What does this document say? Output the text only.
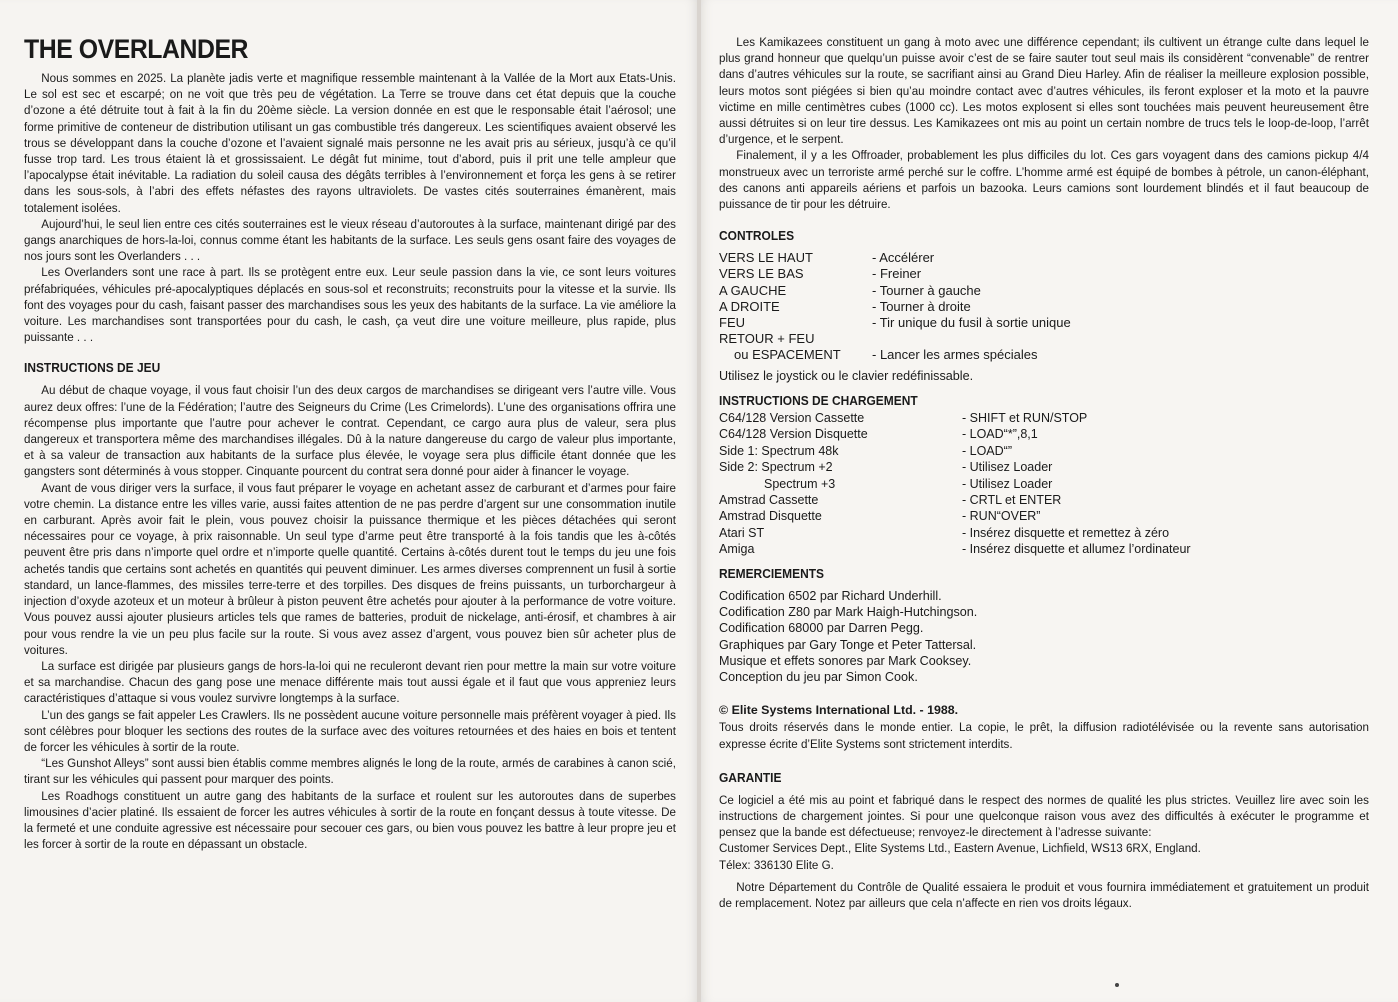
THE OVERLANDER

Nous sommes en 2025. La planète jadis verte et magnifique ressemble maintenant à la Vallée de la Mort aux Etats-Unis. Le sol est sec et escarpé; on ne voit que très peu de végétation. La Terre se trouve dans cet état depuis que la couche d’ozone a été détruite tout à fait à la fin du 20ème siècle. La version donnée en est que le responsable était l’aérosol; une forme primitive de conteneur de distribution utilisant un gas combustible trés dangereux. Les scientifiques avaient observé les trous se développant dans la couche d’ozone et l’avaient signalé mais personne ne les avait pris au sérieux, jusqu’à ce qu’il fusse trop tard. Les trous étaient là et grossissaient. Le dégât fut minime, tout d’abord, puis il prit une telle ampleur que l’apocalypse était inévitable. La radiation du soleil causa des dégâts terribles à l’environnement et força les gens à se retirer dans les sous-sols, à l’abri des effets néfastes des rayons ultraviolets. De vastes cités souterraines émanèrent, mais totalement isolées.

Aujourd’hui, le seul lien entre ces cités souterraines est le vieux réseau d’autoroutes à la surface, maintenant dirigé par des gangs anarchiques de hors-la-loi, connus comme étant les habitants de la surface. Les seuls gens osant faire des voyages de nos jours sont les Overlanders . . .

Les Overlanders sont une race à part. Ils se protègent entre eux. Leur seule passion dans la vie, ce sont leurs voitures préfabriquées, véhicules pré-apocalyptiques déplacés en sous-sol et reconstruits; reconstruits pour la vitesse et la survie. Ils font des voyages pour du cash, faisant passer des marchandises sous les yeux des habitants de la surface. La vie améliore la voiture. Les marchandises sont transportées pour du cash, le cash, ça veut dire une voiture meilleure, plus rapide, plus puissante . . .

INSTRUCTIONS DE JEU

Au début de chaque voyage, il vous faut choisir l’un des deux cargos de marchandises se dirigeant vers l’autre ville. Vous aurez deux offres: l’une de la Fédération; l’autre des Seigneurs du Crime (Les Crimelords). L’une des organisations offrira une récompense plus importante que l’autre pour achever le contrat. Cependant, ce cargo aura plus de valeur, sera plus dangereux et transportera même des marchandises illégales. Dû à la nature dangereuse du cargo de valeur plus importante, et à sa valeur de transaction aux habitants de la surface plus élevée, le voyage sera plus difficile étant donnée que les gangsters sont déterminés à vous stopper. Cinquante pourcent du contrat sera donné pour aider à financer le voyage.

Avant de vous diriger vers la surface, il vous faut préparer le voyage en achetant assez de carburant et d’armes pour faire votre chemin. La distance entre les villes varie, aussi faites attention de ne pas perdre d’argent sur une consommation inutile en carburant. Après avoir fait le plein, vous pouvez choisir la puissance thermique et les pièces détachées qui seront nécessaires pour ce voyage, à prix raisonnable. Un seul type d’arme peut être transporté à la fois tandis que les à-côtés peuvent être pris dans n’importe quel ordre et n’importe quelle quantité. Certains à-côtés durent tout le temps du jeu une fois achetés tandis que certains sont achetés en quantités qui peuvent diminuer. Les armes diverses comprennent un fusil à sortie standard, un lance-flammes, des missiles terre-terre et des torpilles. Des disques de freins puissants, un turborchargeur à injection d’oxyde azoteux et un moteur à brûleur à piston peuvent être achetés pour ajouter à la performance de votre voiture. Vous pouvez aussi ajouter plusieurs articles tels que rames de batteries, produit de nickelage, anti-érosif, et chambres à air pour vous rendre la vie un peu plus facile sur la route. Si vous avez assez d’argent, vous pouvez bien sûr acheter plus de voitures.

La surface est dirigée par plusieurs gangs de hors-la-loi qui ne reculeront devant rien pour mettre la main sur votre voiture et sa marchandise. Chacun des gang pose une menace différente mais tout aussi égale et il faut que vous appreniez leurs caractéristiques d’attaque si vous voulez survivre longtemps à la surface.

L’un des gangs se fait appeler Les Crawlers. Ils ne possèdent aucune voiture personnelle mais préfèrent voyager à pied. Ils sont célèbres pour bloquer les sections des routes de la surface avec des voitures retournées et des haies en bois et tentent de forcer les véhicules à sortir de la route.

“Les Gunshot Alleys” sont aussi bien établis comme membres alignés le long de la route, armés de carabines à canon scié, tirant sur les véhicules qui passent pour marquer des points.

Les Roadhogs constituent un autre gang des habitants de la surface et roulent sur les autoroutes dans de superbes limousines d’acier platiné. Ils essaient de forcer les autres véhicules à sortir de la route en fonçant dessus à toute vitesse. De la fermeté et une conduite agressive est nécessaire pour secouer ces gars, ou bien vous pouvez les battre à leur propre jeu et les forcer à sortir de la route en dépassant un obstacle.

Les Kamikazees constituent un gang à moto avec une différence cependant; ils cultivent un étrange culte dans lequel le plus grand honneur que quelqu’un puisse avoir c’est de se faire sauter tout seul mais ils considèrent “convenable” de rentrer dans d’autres véhicules sur la route, se sacrifiant ainsi au Grand Dieu Harley. Afin de réaliser la meilleure explosion possible, leurs motos sont piégées si bien qu’au moindre contact avec d’autres véhicules, ils feront exploser et la moto et la pauvre victime en mille centimètres cubes (1000 cc). Les motos explosent si elles sont touchées mais peuvent heureusement être aussi détruites si on leur tire dessus. Les Kamikazees ont mis au point un certain nombre de trucs tels le loop-de-loop, l’arrêt d’urgence, et le serpent.

Finalement, il y a les Offroader, probablement les plus difficiles du lot. Ces gars voyagent dans des camions pickup 4/4 monstrueux avec un terroriste armé perché sur le coffre. L’homme armé est équipé de bombes à pétrole, un canon-éléphant, des canons anti appareils aériens et parfois un bazooka. Leurs camions sont lourdement blindés et il faut beaucoup de puissance de tir pour les détruire.

CONTROLES
VERS LE HAUT	- Accélérer
VERS LE BAS	- Freiner
A GAUCHE	- Tourner à gauche
A DROITE	- Tourner à droite
FEU	- Tir unique du fusil à sortie unique
RETOUR + FEU	
ou ESPACEMENT	- Lancer les armes spéciales

Utilisez le joystick ou le clavier redéfinissable.

INSTRUCTIONS DE CHARGEMENT
C64/128 Version Cassette	- SHIFT et RUN/STOP
C64/128 Version Disquette	- LOAD“*”,8,1
Side 1: Spectrum 48k	- LOAD“”
Side 2: Spectrum +2	- Utilisez Loader
Spectrum +3	- Utilisez Loader
Amstrad Cassette	- CRTL et ENTER
Amstrad Disquette	- RUN“OVER”
Atari ST	- Insérez disquette et remettez à zéro
Amiga	- Insérez disquette et allumez l’ordinateur
REMERCIEMENTS

Codification 6502 par Richard Underhill.

Codification Z80 par Mark Haigh-Hutchingson.

Codification 68000 par Darren Pegg.

Graphiques par Gary Tonge et Peter Tattersal.

Musique et effets sonores par Mark Cooksey.

Conception du jeu par Simon Cook.

© Elite Systems International Ltd. - 1988.

Tous droits réservés dans le monde entier. La copie, le prêt, la diffusion radiotélévisée ou la revente sans autorisation expresse écrite d’Elite Systems sont strictement interdits.

GARANTIE

Ce logiciel a été mis au point et fabriqué dans le respect des normes de qualité les plus strictes. Veuillez lire avec soin les instructions de chargement jointes. Si pour une quelconque raison vous avez des difficultés à exécuter le programme et pensez que la bande est défectueuse; renvoyez-le directement à l’adresse suivante:

Customer Services Dept., Elite Systems Ltd., Eastern Avenue, Lichfield, WS13 6RX, England.

Télex: 336130 Elite G.

Notre Département du Contrôle de Qualité essaiera le produit et vous fournira immédiatement et gratuitement un produit de remplacement. Notez par ailleurs que cela n’affecte en rien vos droits légaux.
